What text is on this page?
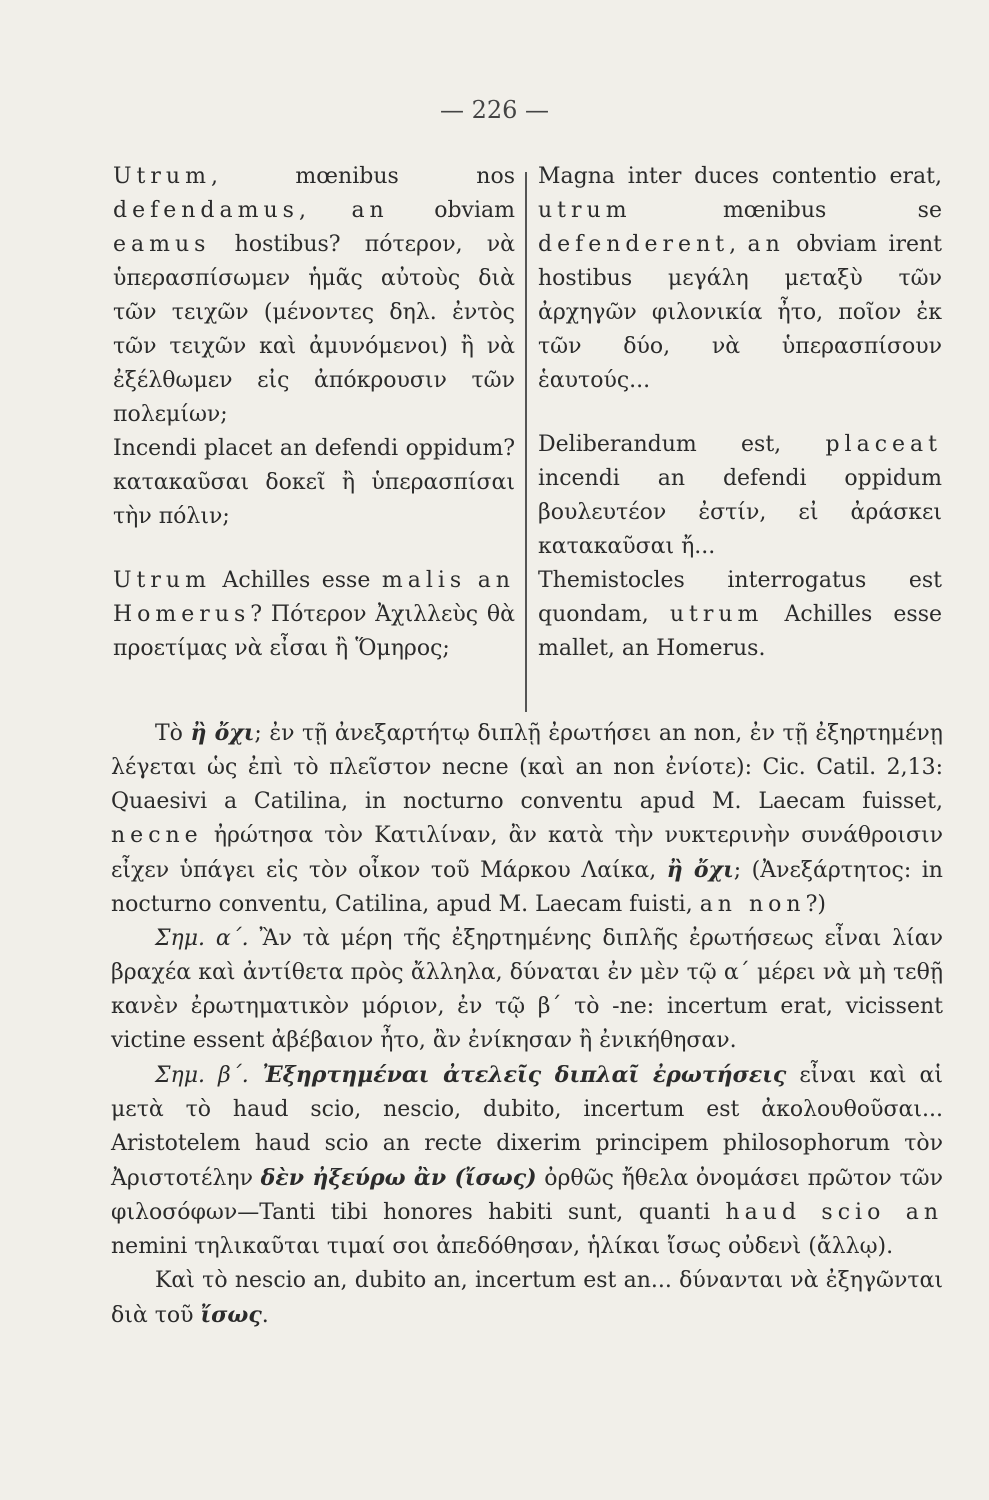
— 226 —

Utrum, mœnibus nos defendamus, an obviam eamus hostibus? πότερον, νὰ ὑπερασπίσωμεν ἡμᾶς αὐτοὺς διὰ τῶν τειχῶν (μένοντες δηλ. ἐντὸς τῶν τειχῶν καὶ ἀμυνόμενοι) ἢ νὰ ἐξέλθωμεν εἰς ἀπόκρουσιν τῶν πολεμίων;

Incendi placet an defendi oppidum? κατακαῦσαι δοκεῖ ἢ ὑπερασπίσαι τὴν πόλιν;

Utrum Achilles esse malis an Homerus? Πότερον Ἀχιλλεὺς θὰ προετίμας νὰ εἶσαι ἢ Ὅμηρος;

Magna inter duces contentio erat, utrum mœnibus se defenderent, an obviam irent hostibus μεγάλη μεταξὺ τῶν ἀρχηγῶν φιλονικία ἦτο, ποῖον ἐκ τῶν δύο, νὰ ὑπερασπίσουν ἑαυτούς...

Deliberandum est, placeat incendi an defendi oppidum βουλευτέον ἐστίν, εἰ ἀράσκει κατακαῦσαι ἤ...

Themistocles interrogatus est quondam, utrum Achilles esse mallet, an Homerus.

Τὸ ἢ ὄχι; ἐν τῇ ἀνεξαρτήτῳ διπλῇ ἐρωτήσει an non, ἐν τῇ ἐξηρτημένῃ λέγεται ὡς ἐπὶ τὸ πλεῖστον necne (καὶ an non ἐνίοτε): Cic. Catil. 2,13: Quaesivi a Catilina, in nocturno conventu apud M. Laecam fuisset, necne ἠρώτησα τὸν Κατιλίναν, ἂν κατὰ τὴν νυκτερινὴν συνάθροισιν εἶχεν ὑπάγει εἰς τὸν οἶκον τοῦ Μάρκου Λαίκα, ἢ ὄχι; (Ἀνεξάρτητος: in nocturno conventu, Catilina, apud M. Laecam fuisti, an non?)

Σημ. α΄. Ἂν τὰ μέρη τῆς ἐξηρτημένης διπλῆς ἐρωτήσεως εἶναι λίαν βραχέα καὶ ἀντίθετα πρὸς ἄλληλα, δύναται ἐν μὲν τῷ α΄ μέρει νὰ μὴ τεθῇ κανὲν ἐρωτηματικὸν μόριον, ἐν τῷ β΄ τὸ -ne: incertum erat, vicissent victine essent ἀβέβαιον ἦτο, ἂν ἐνίκησαν ἢ ἐνικήθησαν.

Σημ. β΄. Ἐξηρτημέναι ἀτελεῖς διπλαῖ ἐρωτήσεις εἶναι καὶ αἱ μετὰ τὸ haud scio, nescio, dubito, incertum est ἀκολουθοῦσαι... Aristotelem haud scio an recte dixerim principem philosophorum τὸν Ἀριστοτέλην δὲν ἠξεύρω ἂν (ἴσως) ὀρθῶς ἤθελα ὀνομάσει πρῶτον τῶν φιλοσόφων—Tanti tibi honores habiti sunt, quanti haud scio an nemini τηλικαῦται τιμαί σοι ἀπεδόθησαν, ἡλίκαι ἴσως οὐδενὶ (ἄλλῳ).

Καὶ τὸ nescio an, dubito an, incertum est an... δύνανται νὰ ἐξηγῶνται διὰ τοῦ ἴσως.
